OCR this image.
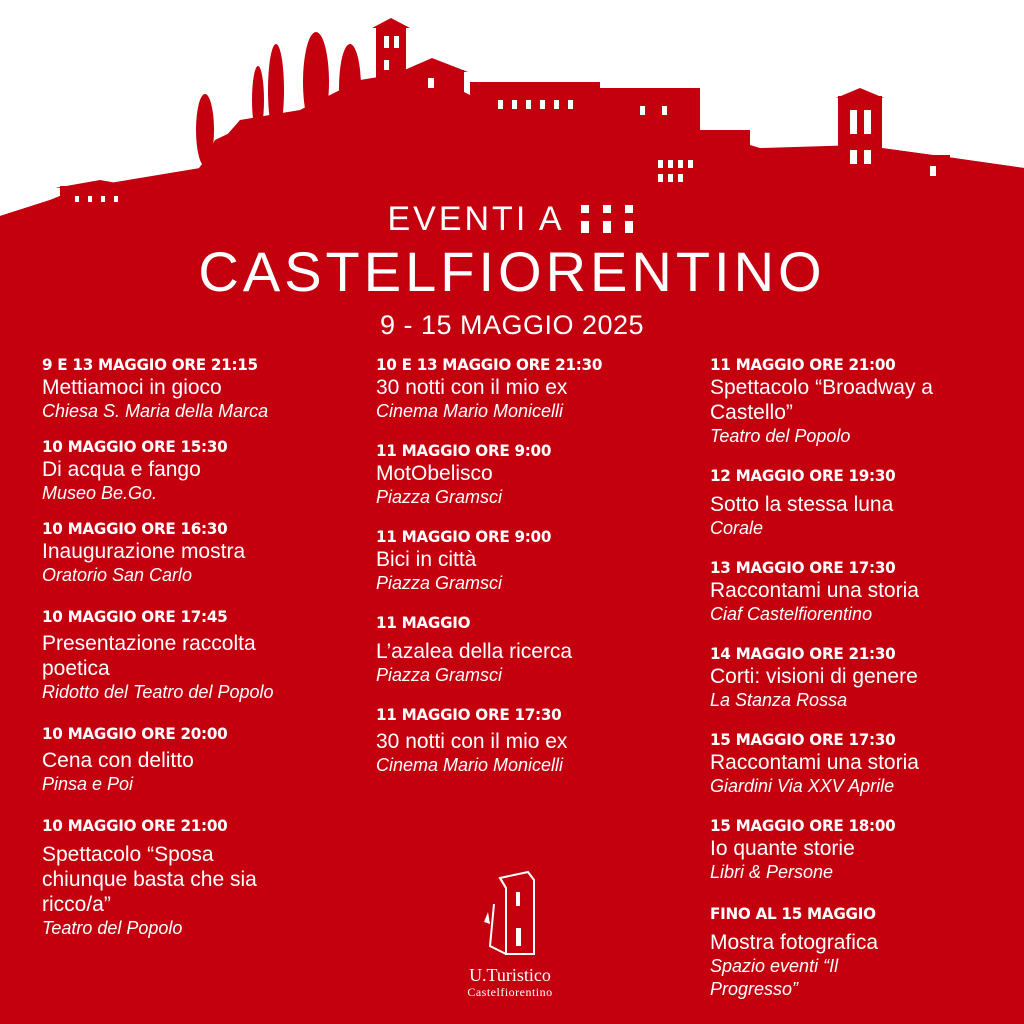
EVENTI A
CASTELFIORENTINO
9 - 15 MAGGIO 2025
9 E 13 MAGGIO ORE 21:15
Mettiamoci in gioco
Chiesa S. Maria della Marca
10 MAGGIO ORE 15:30
Di acqua e fango
Museo Be.Go.
10 MAGGIO ORE 16:30
Inaugurazione mostra
Oratorio San Carlo
10 MAGGIO ORE 17:45
Presentazione raccolta poetica
Ridotto del Teatro del Popolo
10 MAGGIO ORE 20:00
Cena con delitto
Pinsa e Poi
10 MAGGIO ORE 21:00
Spettacolo “Sposa chiunque basta che sia ricco/a”
Teatro del Popolo
10 E 13 MAGGIO ORE 21:30
30 notti con il mio ex
Cinema Mario Monicelli
11 MAGGIO ORE 9:00
MotObelisco
Piazza Gramsci
11 MAGGIO ORE 9:00
Bici in città
Piazza Gramsci
11 MAGGIO
L’azalea della ricerca
Piazza Gramsci
11 MAGGIO ORE 17:30
30 notti con il mio ex
Cinema Mario Monicelli
11 MAGGIO ORE 21:00
Spettacolo “Broadway a Castello”
Teatro del Popolo
12 MAGGIO ORE 19:30
Sotto la stessa luna
Corale
13 MAGGIO ORE 17:30
Raccontami una storia
Ciaf Castelfiorentino
14 MAGGIO ORE 21:30
Corti: visioni di genere
La Stanza Rossa
15 MAGGIO ORE 17:30
Raccontami una storia
Giardini Via XXV Aprile
15 MAGGIO ORE 18:00
Io quante storie
Libri & Persone
FINO AL 15 MAGGIO
Mostra fotografica
Spazio eventi “Il Progresso”
U.Turistico
Castelfiorentino
